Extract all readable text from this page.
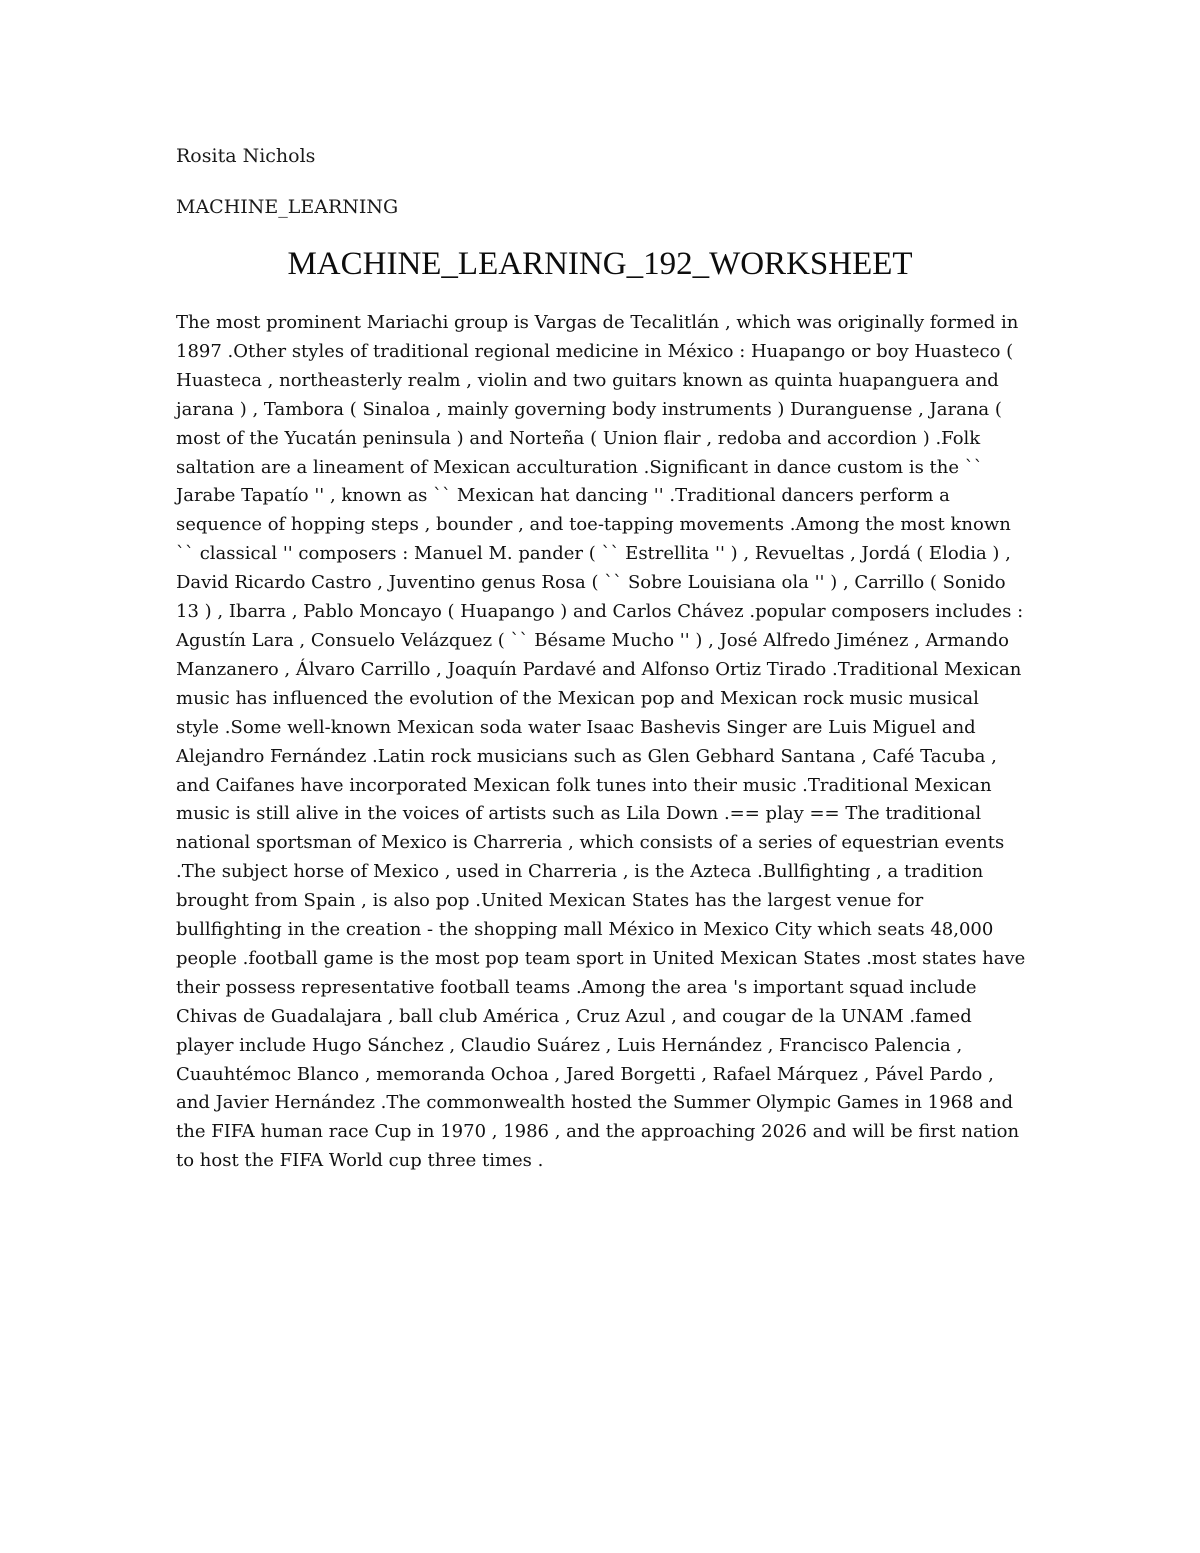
Rosita Nichols
MACHINE_LEARNING
MACHINE_LEARNING_192_WORKSHEET

The most prominent Mariachi group is Vargas de Tecalitlán , which was originally formed in 1897 .Other styles of traditional regional medicine in México : Huapango or boy Huasteco ( Huasteca , northeasterly realm , violin and two guitars known as quinta huapanguera and jarana ) , Tambora ( Sinaloa , mainly governing body instruments ) Duranguense , Jarana ( most of the Yucatán peninsula ) and Norteña ( Union flair , redoba and accordion ) .Folk saltation are a lineament of Mexican acculturation .Significant in dance custom is the `` Jarabe Tapatío '' , known as `` Mexican hat dancing '' .Traditional dancers perform a sequence of hopping steps , bounder , and toe-tapping movements .Among the most known `` classical '' composers : Manuel M. pander ( `` Estrellita '' ) , Revueltas , Jordá ( Elodia ) , David Ricardo Castro , Juventino genus Rosa ( `` Sobre Louisiana ola '' ) , Carrillo ( Sonido 13 ) , Ibarra , Pablo Moncayo ( Huapango ) and Carlos Chávez .popular composers includes : Agustín Lara , Consuelo Velázquez ( `` Bésame Mucho '' ) , José Alfredo Jiménez , Armando Manzanero , Álvaro Carrillo , Joaquín Pardavé and Alfonso Ortiz Tirado .Traditional Mexican music has influenced the evolution of the Mexican pop and Mexican rock music musical style .Some well-known Mexican soda water Isaac Bashevis Singer are Luis Miguel and Alejandro Fernández .Latin rock musicians such as Glen Gebhard Santana , Café Tacuba , and Caifanes have incorporated Mexican folk tunes into their music .Traditional Mexican music is still alive in the voices of artists such as Lila Down .== play == The traditional national sportsman of Mexico is Charreria , which consists of a series of equestrian events .The subject horse of Mexico , used in Charreria , is the Azteca .Bullfighting , a tradition brought from Spain , is also pop .United Mexican States has the largest venue for bullfighting in the creation - the shopping mall México in Mexico City which seats 48,000 people .football game is the most pop team sport in United Mexican States .most states have their possess representative football teams .Among the area 's important squad include Chivas de Guadalajara , ball club América , Cruz Azul , and cougar de la UNAM .famed player include Hugo Sánchez , Claudio Suárez , Luis Hernández , Francisco Palencia , Cuauhtémoc Blanco , memoranda Ochoa , Jared Borgetti , Rafael Márquez , Pável Pardo , and Javier Hernández .The commonwealth hosted the Summer Olympic Games in 1968 and the FIFA human race Cup in 1970 , 1986 , and the approaching 2026 and will be first nation to host the FIFA World cup three times .
